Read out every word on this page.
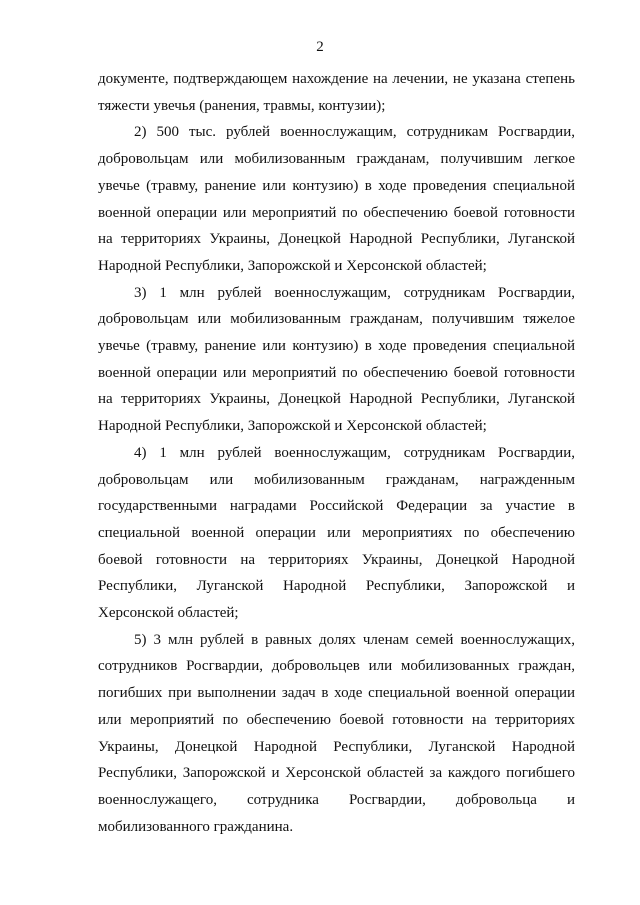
2

документе, подтверждающем нахождение на лечении, не указана степень тяжести увечья (ранения, травмы, контузии);

2) 500 тыс. рублей военнослужащим, сотрудникам Росгвардии, добровольцам или мобилизованным гражданам, получившим легкое увечье (травму, ранение или контузию) в ходе проведения специальной военной операции или мероприятий по обеспечению боевой готовности на территориях Украины, Донецкой Народной Республики, Луганской Народной Республики, Запорожской и Херсонской областей;

3) 1 млн рублей военнослужащим, сотрудникам Росгвардии, добровольцам или мобилизованным гражданам, получившим тяжелое увечье (травму, ранение или контузию) в ходе проведения специальной военной операции или мероприятий по обеспечению боевой готовности на территориях Украины, Донецкой Народной Республики, Луганской Народной Республики, Запорожской и Херсонской областей;

4) 1 млн рублей военнослужащим, сотрудникам Росгвардии, добровольцам или мобилизованным гражданам, награжденным государственными наградами Российской Федерации за участие в специальной военной операции или мероприятиях по обеспечению боевой готовности на территориях Украины, Донецкой Народной Республики, Луганской Народной Республики, Запорожской и Херсонской областей;

5) 3 млн рублей в равных долях членам семей военнослужащих, сотрудников Росгвардии, добровольцев или мобилизованных граждан, погибших при выполнении задач в ходе специальной военной операции или мероприятий по обеспечению боевой готовности на территориях Украины, Донецкой Народной Республики, Луганской Народной Республики, Запорожской и Херсонской областей за каждого погибшего военнослужащего, сотрудника Росгвардии, добровольца и мобилизованного гражданина.
